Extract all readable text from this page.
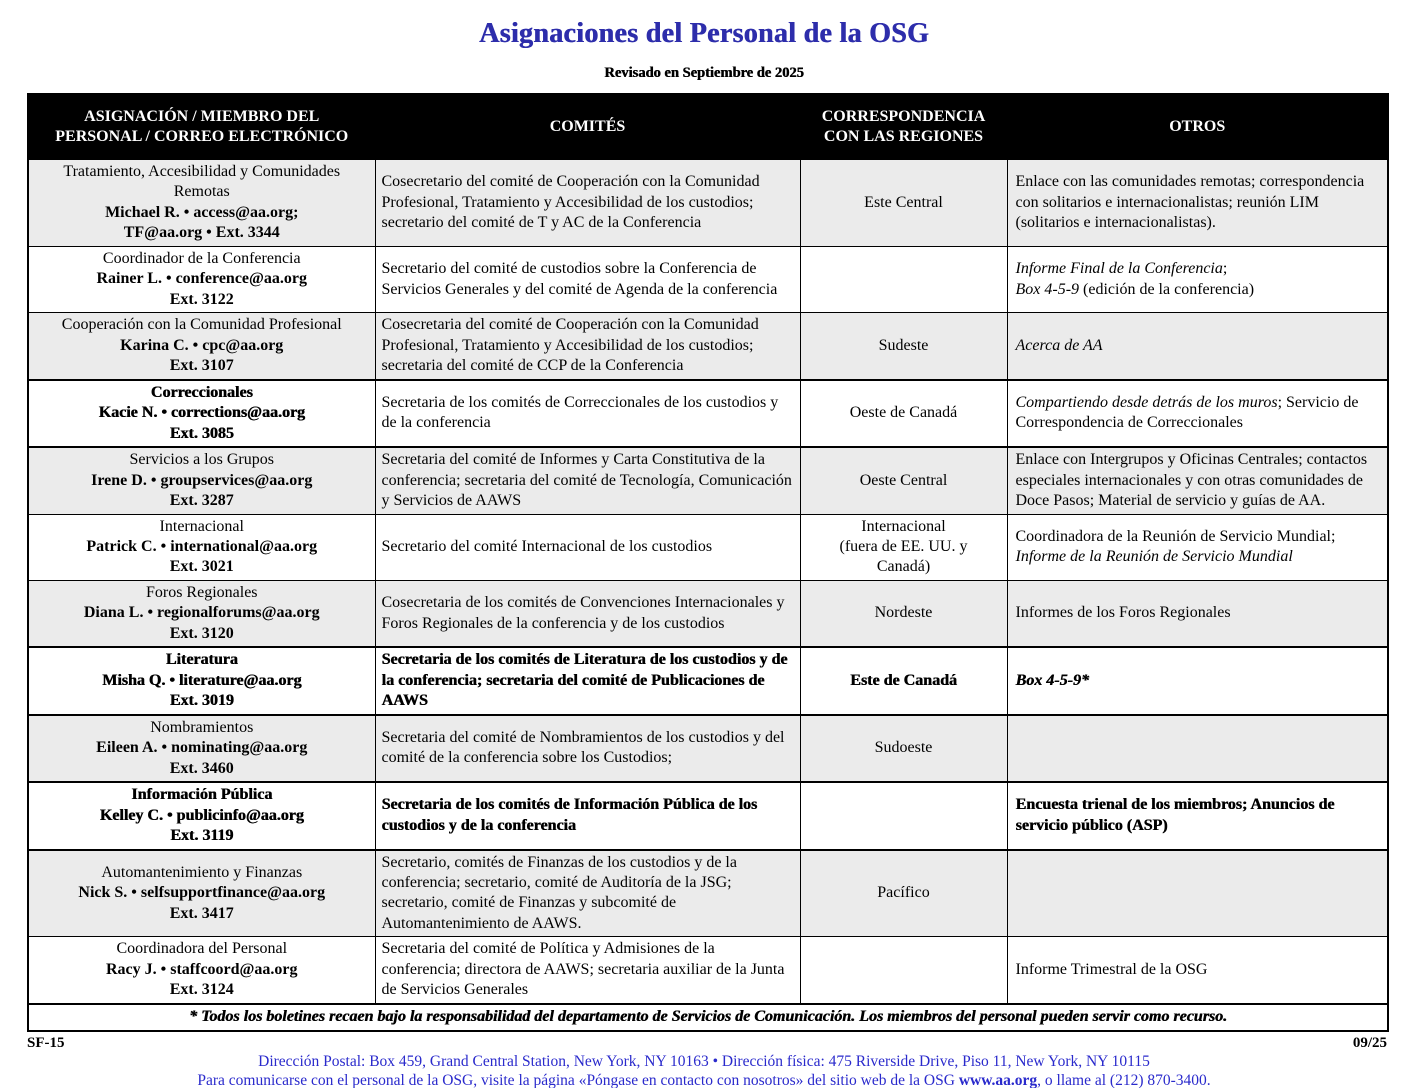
Asignaciones del Personal de la OSG
Revisado en Septiembre de 2025
ASIGNACIÓN / MIEMBRO DEL PERSONAL / CORREO ELECTRÓNICO	COMITÉS	CORRESPONDENCIA CON LAS REGIONES	OTROS

Tratamiento, Accesibilidad y Comunidades Remotas
Michael R. • access@aa.org;
TF@aa.org • Ext. 3344	Cosecretario del comité de Cooperación con la Comunidad Profesional, Tratamiento y Accesibilidad de los custodios; secretario del comité de T y AC de la Conferencia	Este Central	Enlace con las comunidades remotas; correspondencia con solitarios e internacionalistas; reunión LIM (solitarios e internacionalistas).

Coordinador de la Conferencia
Rainer L. • conference@aa.org
Ext. 3122
	Secretario del comité de custodios sobre la Conferencia de Servicios Generales y del comité de Agenda de la conferencia		Informe Final de la Conferencia;
Box 4-5-9 (edición de la conferencia)

Cooperación con la Comunidad Profesional
Karina C. • cpc@aa.org
Ext. 3107	Cosecretaria del comité de Cooperación con la Comunidad Profesional, Tratamiento y Accesibilidad de los custodios; secretaria del comité de CCP de la Conferencia	Sudeste	Acerca de AA

Correccionales
Kacie N. • corrections@aa.org
Ext. 3085	Secretaria de los comités de Correccionales de los custodios y de la conferencia	Oeste de Canadá	Compartiendo desde detrás de los muros; Servicio de Correspondencia de Correccionales

Servicios a los Grupos
Irene D. • groupservices@aa.org
Ext. 3287	Secretaria del comité de Informes y Carta Constitutiva de la conferencia; secretaria del comité de Tecnología, Comunicación y Servicios de AAWS	Oeste Central	Enlace con Intergrupos y Oficinas Centrales; contactos especiales internacionales y con otras comunidades de Doce Pasos; Material de servicio y guías de AA.

Internacional
Patrick C. • international@aa.org
Ext. 3021
	Secretario del comité Internacional de los custodios	Internacional
(fuera de EE. UU. y
Canadá)	Coordinadora de la Reunión de Servicio Mundial;
Informe de la Reunión de Servicio Mundial

Foros Regionales
Diana L. • regionalforums@aa.org
Ext. 3120	Cosecretaria de los comités de Convenciones Internacionales y Foros Regionales de la conferencia y de los custodios	Nordeste	Informes de los Foros Regionales

Literatura
Misha Q. • literature@aa.org
Ext. 3019	Secretaria de los comités de Literatura de los custodios y de la conferencia; secretaria del comité de Publicaciones de AAWS	Este de Canadá	Box 4-5-9*

Nombramientos
Eileen A. • nominating@aa.org
Ext. 3460	Secretaria del comité de Nombramientos de los custodios y del comité de la conferencia sobre los Custodios;	Sudoeste	

Información Pública
Kelley C. • publicinfo@aa.org
Ext. 3119	Secretaria de los comités de Información Pública de los custodios y de la conferencia		Encuesta trienal de los miembros; Anuncios de servicio público (ASP)

Automantenimiento y Finanzas
Nick S. • selfsupportfinance@aa.org
Ext. 3417	Secretario, comités de Finanzas de los custodios y de la conferencia; secretario, comité de Auditoría de la JSG; secretario, comité de Finanzas y subcomité de Automantenimiento de AAWS.	Pacífico	

Coordinadora del Personal
Racy J. • staffcoord@aa.org
Ext. 3124	Secretaria del comité de Política y Admisiones de la conferencia; directora de AAWS; secretaria auxiliar de la Junta de Servicios Generales		Informe Trimestral de la OSG
* Todos los boletines recaen bajo la responsabilidad del departamento de Servicios de Comunicación. Los miembros del personal pueden servir como recurso.			
SF-15	09/25
Dirección Postal: Box 459, Grand Central Station, New York, NY 10163 • Dirección física: 475 Riverside Drive, Piso 11, New York, NY 10115
Para comunicarse con el personal de la OSG, visite la página «Póngase en contacto con nosotros» del sitio web de la OSG www.aa.org, o llame al (212) 870-3400.
